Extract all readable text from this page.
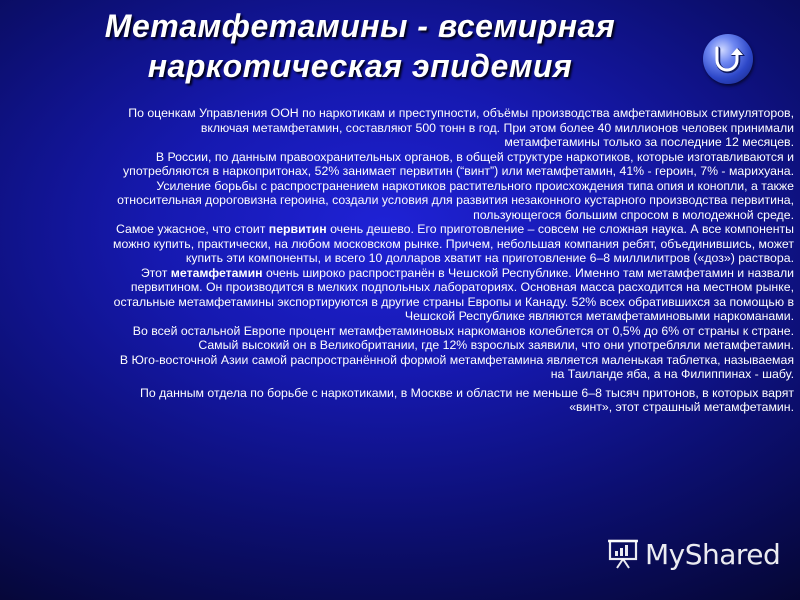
Метамфетамины - всемирная
наркотическая эпидемия

По оценкам Управления ООН по наркотикам и преступности, объёмы производства амфетаминовых стимуляторов, включая метамфетамин, составляют 500 тонн в год. При этом более 40 миллионов человек принимали метамфетамины только за последние 12 месяцев.

В России, по данным правоохранительных органов, в общей структуре наркотиков, которые изготавливаются и употребляются в наркопритонах, 52% занимает первитин (“винт”) или метамфетамин, 41% - героин, 7% - марихуана.

Усиление борьбы с распространением наркотиков растительного происхождения типа опия и конопли, а также относительная дороговизна героина, создали условия для развития незаконного кустарного производства первитина, пользующегося большим спросом в молодежной среде.

Самое ужасное, что стоит первитин очень дешево. Его приготовление – совсем не сложная наука. А все компоненты можно купить, практически, на любом московском рынке. Причем, небольшая компания ребят, объединившись, может купить эти компоненты, и всего 10 долларов хватит на приготовление 6–8 миллилитров («доз») раствора.

Этот метамфетамин очень широко распространён в Чешской Республике. Именно там метамфетамин и назвали первитином. Он производится в мелких подпольных лабораториях. Основная масса расходится на местном рынке, остальные метамфетамины экспортируются в другие страны Европы и Канаду. 52% всех обратившихся за помощью в Чешской Республике являются метамфетаминовыми наркоманами.

Во всей остальной Европе процент метамфетаминовых наркоманов колеблется от 0,5% до 6% от страны к стране. Самый высокий он в Великобритании, где 12% взрослых заявили, что они употребляли метамфетамин.

В Юго-восточной Азии самой распространённой формой метамфетамина является маленькая таблетка, называемая на Таиланде яба, а на Филиппинах - шабу.

По данным отдела по борьбе с наркотиками, в Москве и области не меньше 6–8 тысяч притонов, в которых варят «винт», этот страшный метамфетамин.

MyShared
